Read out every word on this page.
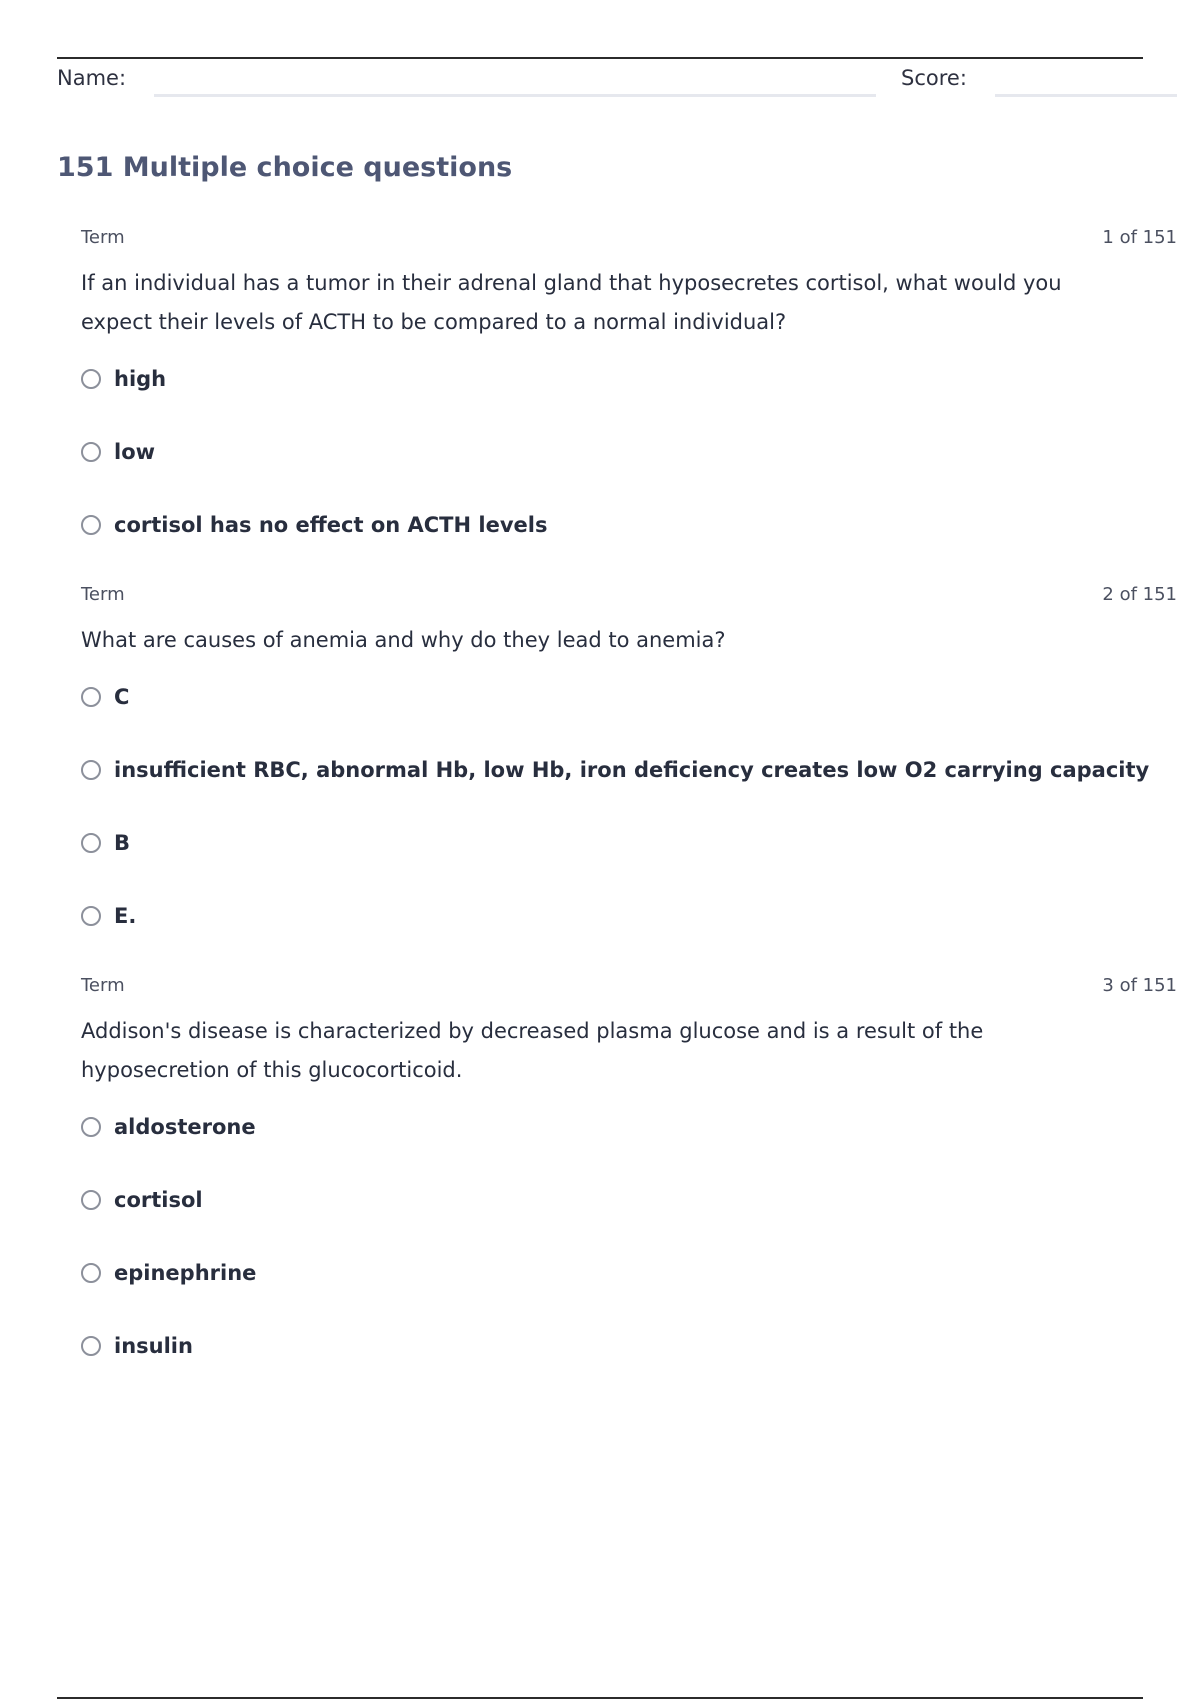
Name:	Score:
151 Multiple choice questions
Term	1 of 151

If an individual has a tumor in their adrenal gland that hyposecretes cortisol, what would you expect their levels of ACTH to be compared to a normal individual?

high
low
cortisol has no effect on ACTH levels
Term	2 of 151

What are causes of anemia and why do they lead to anemia?

C
insufficient RBC, abnormal Hb, low Hb, iron deficiency creates low O2 carrying capacity
B
E.
Term	3 of 151

Addison's disease is characterized by decreased plasma glucose and is a result of the hyposecretion of this glucocorticoid.

aldosterone
cortisol
epinephrine
insulin
